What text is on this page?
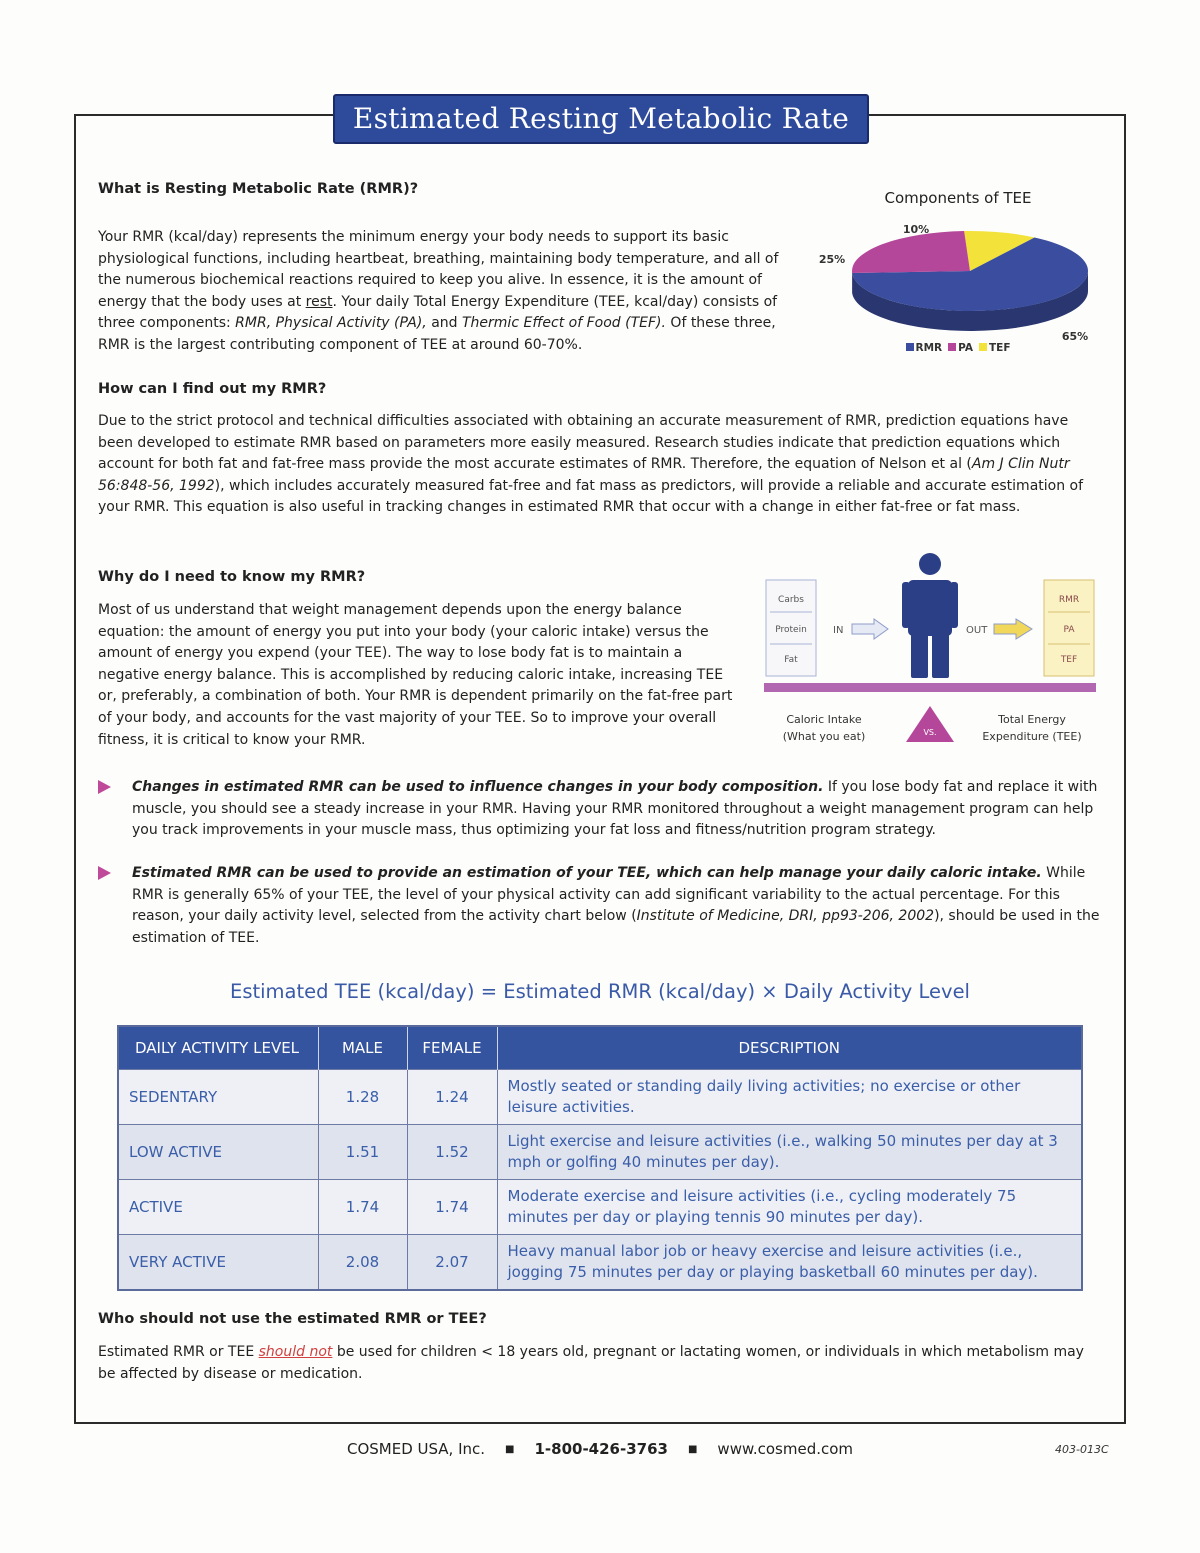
Estimated Resting Metabolic Rate
What is Resting Metabolic Rate (RMR)?
Your RMR (kcal/day) represents the minimum energy your body needs to support its basic physiological functions, including heartbeat, breathing, maintaining body temperature, and all of the numerous biochemical reactions required to keep you alive. In essence, it is the amount of energy that the body uses at rest. Your daily Total Energy Expenditure (TEE, kcal/day) consists of three components: RMR, Physical Activity (PA), and Thermic Effect of Food (TEF). Of these three, RMR is the largest contributing component of TEE at around 60-70%.
Components of TEE
65%
25%
10%
RMR PA TEF
How can I find out my RMR?
Due to the strict protocol and technical difficulties associated with obtaining an accurate measurement of RMR, prediction equations have been developed to estimate RMR based on parameters more easily measured. Research studies indicate that prediction equations which account for both fat and fat-free mass provide the most accurate estimates of RMR. Therefore, the equation of Nelson et al (Am J Clin Nutr 56:848-56, 1992), which includes accurately measured fat-free and fat mass as predictors, will provide a reliable and accurate estimation of your RMR. This equation is also useful in tracking changes in estimated RMR that occur with a change in either fat-free or fat mass.
Why do I need to know my RMR?
Most of us understand that weight management depends upon the energy balance equation: the amount of energy you put into your body (your caloric intake) versus the amount of energy you expend (your TEE). The way to lose body fat is to maintain a negative energy balance. This is accomplished by reducing caloric intake, increasing TEE or, preferably, a combination of both. Your RMR is dependent primarily on the fat-free part of your body, and accounts for the vast majority of your TEE. So to improve your overall fitness, it is critical to know your RMR.
Carbs
Protein
Fat
IN	OUT
RMR
PA
TEF
VS.
Caloric Intake
(What you eat)
Total Energy
Expenditure (TEE)
Changes in estimated RMR can be used to influence changes in your body composition. If you lose body fat and replace it with muscle, you should see a steady increase in your RMR. Having your RMR monitored throughout a weight management program can help you track improvements in your muscle mass, thus optimizing your fat loss and fitness/nutrition program strategy.
Estimated RMR can be used to provide an estimation of your TEE, which can help manage your daily caloric intake. While RMR is generally 65% of your TEE, the level of your physical activity can add significant variability to the actual percentage. For this reason, your daily activity level, selected from the activity chart below (Institute of Medicine, DRI, pp93-206, 2002), should be used in the estimation of TEE.
Estimated TEE (kcal/day) = Estimated RMR (kcal/day) × Daily Activity Level
DAILY ACTIVITY LEVEL	MALE	FEMALE	DESCRIPTION
SEDENTARY	1.28	1.24	Mostly seated or standing daily living activities; no exercise or other leisure activities.
LOW ACTIVE	1.51	1.52	Light exercise and leisure activities (i.e., walking 50 minutes per day at 3 mph or golfing 40 minutes per day).
ACTIVE	1.74	1.74	Moderate exercise and leisure activities (i.e., cycling moderately 75 minutes per day or playing tennis 90 minutes per day).
VERY ACTIVE	2.08	2.07	Heavy manual labor job or heavy exercise and leisure activities (i.e., jogging 75 minutes per day or playing basketball 60 minutes per day).
Who should not use the estimated RMR or TEE?
Estimated RMR or TEE should not be used for children < 18 years old, pregnant or lactating women, or individuals in which metabolism may be affected by disease or medication.
COSMED USA, Inc. ■ 1-800-426-3763 ■ www.cosmed.com	403-013C
